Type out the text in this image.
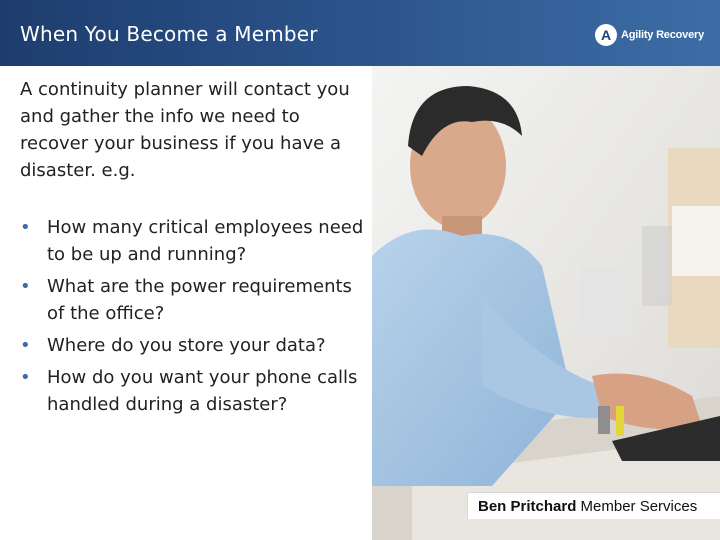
When You Become a Member	A Agility Recovery
A continuity planner will contact you and gather the info we need to recover your business if you have a disaster. e.g.
• How many critical employees need to be up and running?
• What are the power requirements of the office?
• Where do you store your data?
• How do you want your phone calls handled during a disaster?
Ben Pritchard Member Services
